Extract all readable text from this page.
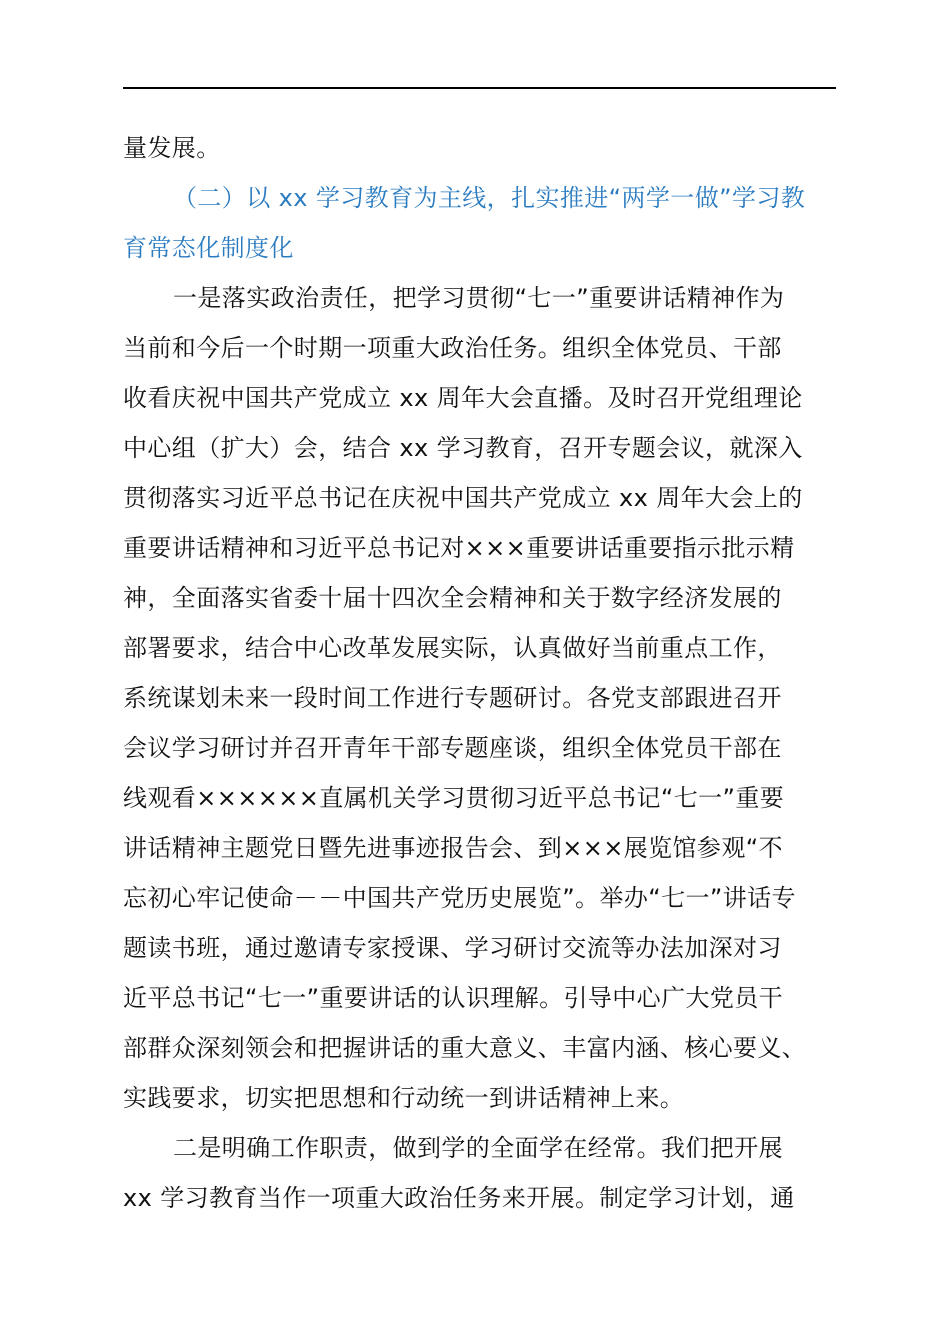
量发展。
（二）以 xx 学习教育为主线，扎实推进“两学一做”学习教
育常态化制度化
一是落实政治责任，把学习贯彻“七一”重要讲话精神作为
当前和今后一个时期一项重大政治任务。组织全体党员、干部
收看庆祝中国共产党成立 xx 周年大会直播。及时召开党组理论
中心组（扩大）会，结合 xx 学习教育，召开专题会议，就深入
贯彻落实习近平总书记在庆祝中国共产党成立 xx 周年大会上的
重要讲话精神和习近平总书记对×××重要讲话重要指示批示精
神，全面落实省委十届十四次全会精神和关于数字经济发展的
部署要求，结合中心改革发展实际，认真做好当前重点工作，
系统谋划未来一段时间工作进行专题研讨。各党支部跟进召开
会议学习研讨并召开青年干部专题座谈，组织全体党员干部在
线观看××××××直属机关学习贯彻习近平总书记“七一”重要
讲话精神主题党日暨先进事迹报告会、到×××展览馆参观“不
忘初心牢记使命－－中国共产党历史展览”。举办“七一”讲话专
题读书班，通过邀请专家授课、学习研讨交流等办法加深对习
近平总书记“七一”重要讲话的认识理解。引导中心广大党员干
部群众深刻领会和把握讲话的重大意义、丰富内涵、核心要义、
实践要求，切实把思想和行动统一到讲话精神上来。
二是明确工作职责，做到学的全面学在经常。我们把开展
xx 学习教育当作一项重大政治任务来开展。制定学习计划，通
